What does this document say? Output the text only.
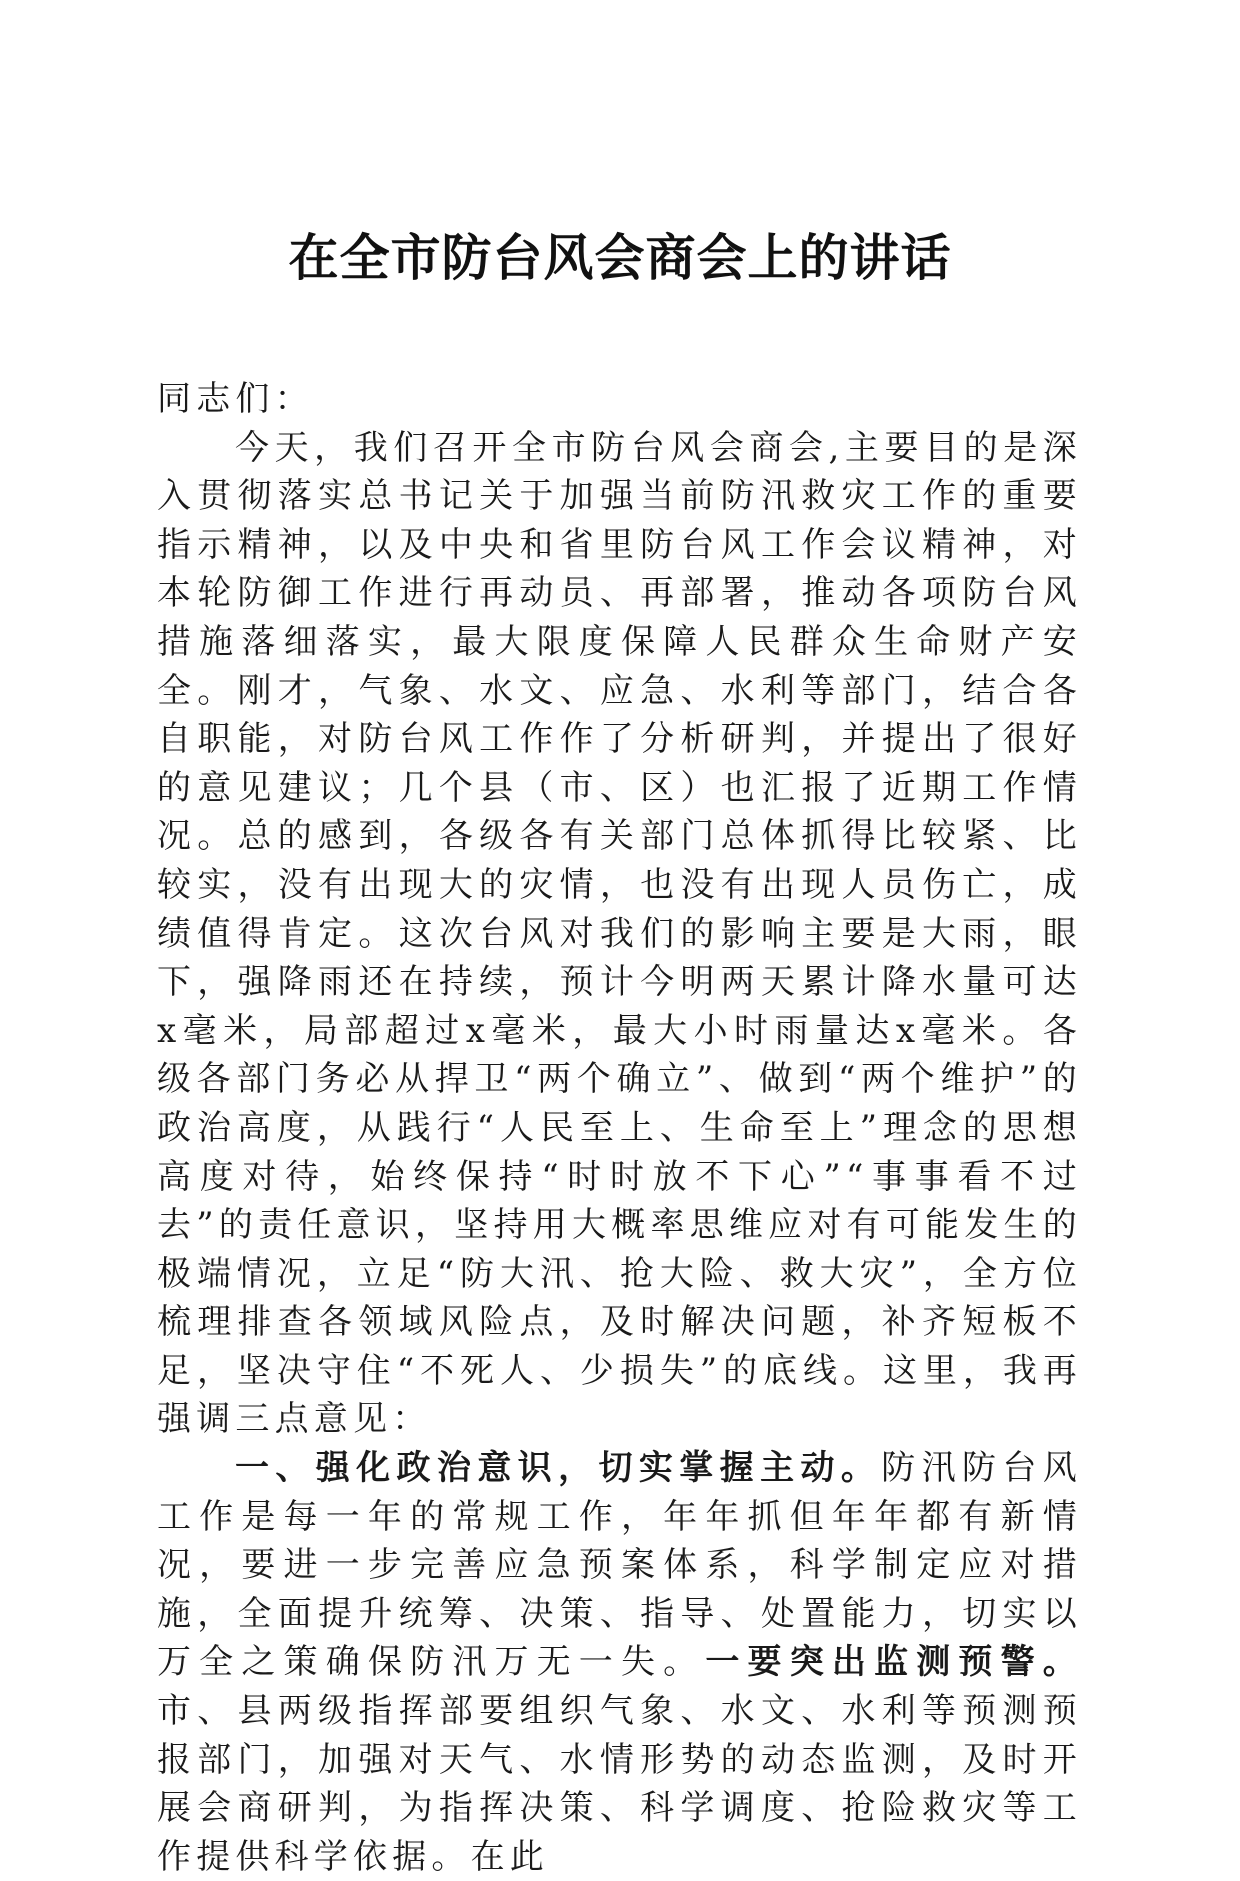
在全市防台风会商会上的讲话

同志们：

今天，我们召开全市防台风会商会,主要目的是深入贯彻落实总书记关于加强当前防汛救灾工作的重要指示精神，以及中央和省里防台风工作会议精神，对本轮防御工作进行再动员、再部署，推动各项防台风措施落细落实，最大限度保障人民群众生命财产安全。刚才，气象、水文、应急、水利等部门，结合各自职能，对防台风工作作了分析研判，并提出了很好的意见建议；几个县（市、区）也汇报了近期工作情况。总的感到，各级各有关部门总体抓得比较紧、比较实，没有出现大的灾情，也没有出现人员伤亡，成绩值得肯定。这次台风对我们的影响主要是大雨，眼下，强降雨还在持续，预计今明两天累计降水量可达x毫米，局部超过x毫米，最大小时雨量达x毫米。各级各部门务必从捍卫“两个确立”、做到“两个维护”的政治高度，从践行“人民至上、生命至上”理念的思想高度对待，始终保持“时时放不下心”“事事看不过去”的责任意识，坚持用大概率思维应对有可能发生的极端情况，立足“防大汛、抢大险、救大灾”，全方位梳理排查各领域风险点，及时解决问题，补齐短板不足，坚决守住“不死人、少损失”的底线。这里，我再强调三点意见：

一、强化政治意识，切实掌握主动。防汛防台风工作是每一年的常规工作，年年抓但年年都有新情况，要进一步完善应急预案体系，科学制定应对措施，全面提升统筹、决策、指导、处置能力，切实以万全之策确保防汛万无一失。一要突出监测预警。市、县两级指挥部要组织气象、水文、水利等预测预报部门，加强对天气、水情形势的动态监测，及时开展会商研判，为指挥决策、科学调度、抢险救灾等工作提供科学依据。在此
